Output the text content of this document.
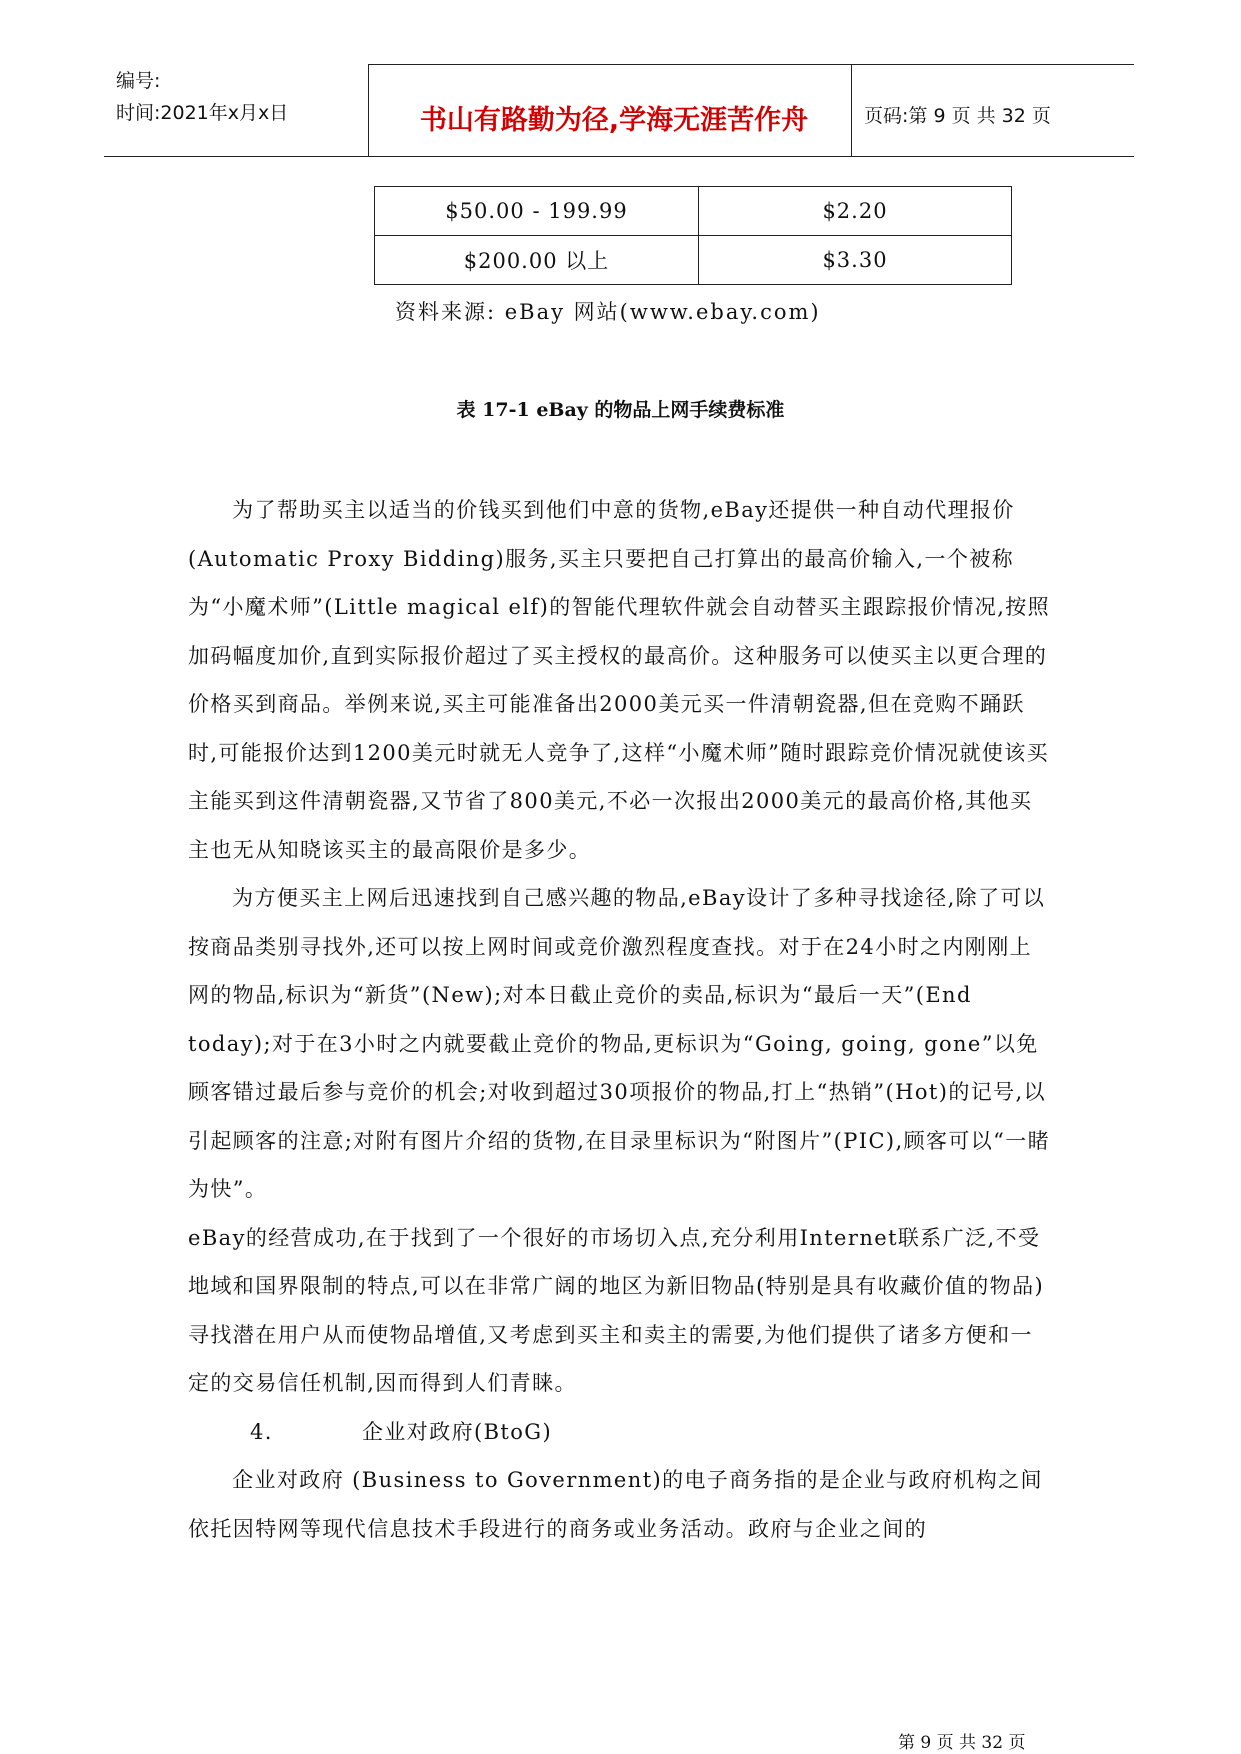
编号:
时间:2021年x月x日	书山有路勤为径,学海无涯苦作舟	页码:第 9 页 共 32 页
$50.00 - 199.99	$2.20
$200.00 以上	$3.30
资料来源: eBay 网站(www.ebay.com)
表 17-1 eBay 的物品上网手续费标准

为了帮助买主以适当的价钱买到他们中意的货物,eBay还提供一种自动代理报价(Automatic Proxy Bidding)服务,买主只要把自己打算出的最高价输入,一个被称为“小魔术师”(Little magical elf)的智能代理软件就会自动替买主跟踪报价情况,按照加码幅度加价,直到实际报价超过了买主授权的最高价。这种服务可以使买主以更合理的价格买到商品。举例来说,买主可能准备出2000美元买一件清朝瓷器,但在竞购不踊跃时,可能报价达到1200美元时就无人竞争了,这样“小魔术师”随时跟踪竞价情况就使该买主能买到这件清朝瓷器,又节省了800美元,不必一次报出2000美元的最高价格,其他买主也无从知晓该买主的最高限价是多少。

为方便买主上网后迅速找到自己感兴趣的物品,eBay设计了多种寻找途径,除了可以按商品类别寻找外,还可以按上网时间或竞价激烈程度查找。对于在24小时之内刚刚上网的物品,标识为“新货”(New);对本日截止竞价的卖品,标识为“最后一天”(End today);对于在3小时之内就要截止竞价的物品,更标识为“Going, going, gone”以免顾客错过最后参与竞价的机会;对收到超过30项报价的物品,打上“热销”(Hot)的记号,以引起顾客的注意;对附有图片介绍的货物,在目录里标识为“附图片”(PIC),顾客可以“一睹为快”。

eBay的经营成功,在于找到了一个很好的市场切入点,充分利用Internet联系广泛,不受地域和国界限制的特点,可以在非常广阔的地区为新旧物品(特别是具有收藏价值的物品)寻找潜在用户从而使物品增值,又考虑到买主和卖主的需要,为他们提供了诸多方便和一定的交易信任机制,因而得到人们青睐。

4.	企业对政府(BtoG)

企业对政府 (Business to Government)的电子商务指的是企业与政府机构之间依托因特网等现代信息技术手段进行的商务或业务活动。政府与企业之间的

第 9 页 共 32 页
